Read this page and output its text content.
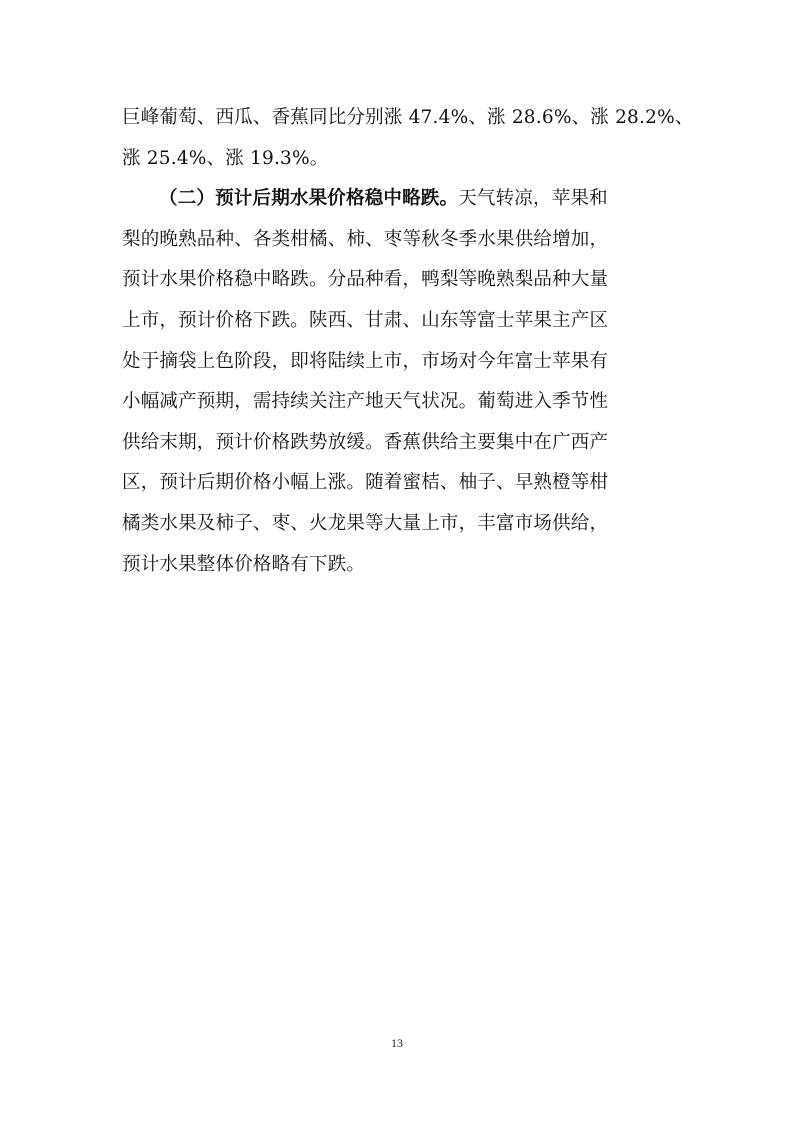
巨峰葡萄、西瓜、香蕉同比分别涨 47.4%、涨 28.6%、涨 28.2%、
涨 25.4%、涨 19.3%。
（二）预计后期水果价格稳中略跌。天气转凉，苹果和
梨的晚熟品种、各类柑橘、柿、枣等秋冬季水果供给增加，
预计水果价格稳中略跌。分品种看，鸭梨等晚熟梨品种大量
上市，预计价格下跌。陕西、甘肃、山东等富士苹果主产区
处于摘袋上色阶段，即将陆续上市，市场对今年富士苹果有
小幅减产预期，需持续关注产地天气状况。葡萄进入季节性
供给末期，预计价格跌势放缓。香蕉供给主要集中在广西产
区，预计后期价格小幅上涨。随着蜜桔、柚子、早熟橙等柑
橘类水果及柿子、枣、火龙果等大量上市，丰富市场供给，
预计水果整体价格略有下跌。
13
